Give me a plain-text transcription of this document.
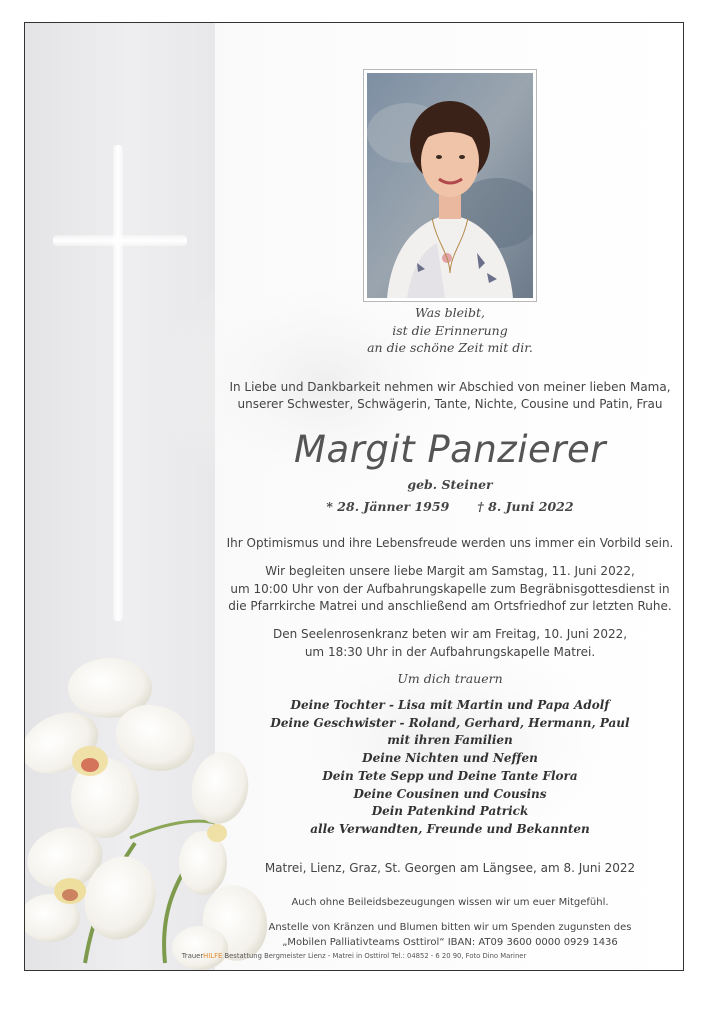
Was bleibt,
ist die Erinnerung
an die schöne Zeit mit dir.
In Liebe und Dankbarkeit nehmen wir Abschied von meiner lieben Mama,
unserer Schwester, Schwägerin, Tante, Nichte, Cousine und Patin, Frau
Margit Panzierer
geb. Steiner
* 28. Jänner 1959 † 8. Juni 2022
Ihr Optimismus und ihre Lebensfreude werden uns immer ein Vorbild sein.
Wir begleiten unsere liebe Margit am Samstag, 11. Juni 2022,
um 10:00 Uhr von der Aufbahrungskapelle zum Begräbnisgottesdienst in
die Pfarrkirche Matrei und anschließend am Ortsfriedhof zur letzten Ruhe.
Den Seelenrosenkranz beten wir am Freitag, 10. Juni 2022,
um 18:30 Uhr in der Aufbahrungskapelle Matrei.
Um dich trauern
Deine Tochter - Lisa mit Martin und Papa Adolf
Deine Geschwister - Roland, Gerhard, Hermann, Paul
mit ihren Familien
Deine Nichten und Neffen
Dein Tete Sepp und Deine Tante Flora
Deine Cousinen und Cousins
Dein Patenkind Patrick
alle Verwandten, Freunde und Bekannten
Matrei, Lienz, Graz, St. Georgen am Längsee, am 8. Juni 2022
Auch ohne Beileidsbezeugungen wissen wir um euer Mitgefühl.
Anstelle von Kränzen und Blumen bitten wir um Spenden zugunsten des
„Mobilen Palliativteams Osttirol“ IBAN: AT09 3600 0000 0929 1436
TrauerHILFE Bestattung Bergmeister Lienz - Matrei in Osttirol Tel.: 04852 - 6 20 90, Foto Dino Mariner
